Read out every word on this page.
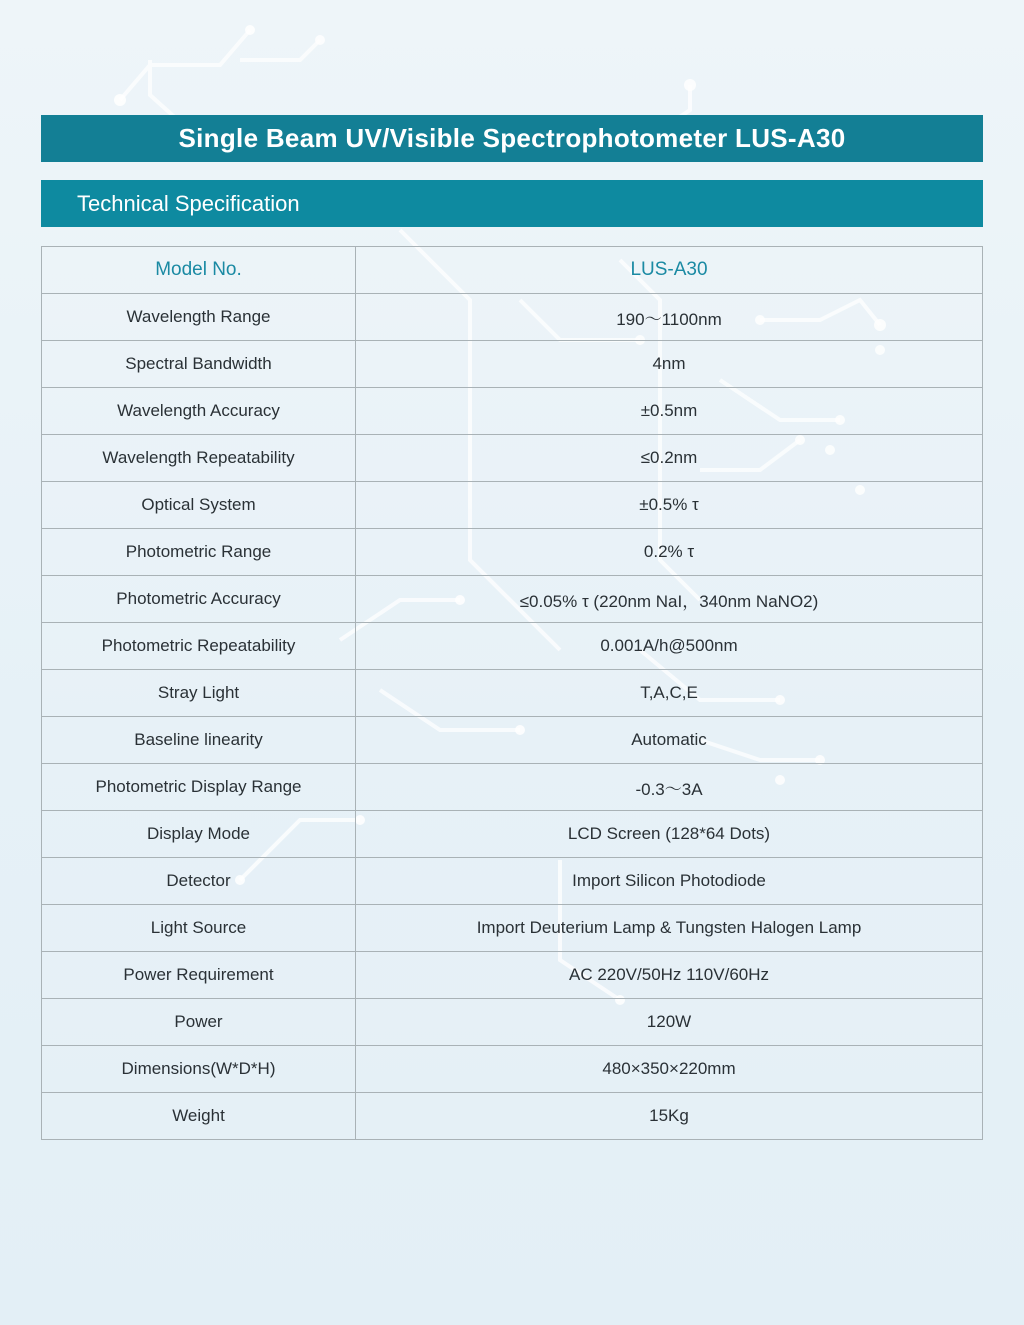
Single Beam UV/Visible Spectrophotometer LUS-A30
Technical Specification
Model No.	LUS-A30
Wavelength Range	190～1100nm
Spectral Bandwidth	4nm
Wavelength Accuracy	±0.5nm
Wavelength Repeatability	≤0.2nm
Optical System	±0.5% τ
Photometric Range	0.2% τ
Photometric Accuracy	≤0.05% τ (220nm NaI，340nm NaNO2)
Photometric Repeatability	0.001A/h@500nm
Stray Light	T,A,C,E
Baseline linearity	Automatic
Photometric Display Range	-0.3～3A
Display Mode	LCD Screen (128*64 Dots)
Detector	Import Silicon Photodiode
Light Source	Import Deuterium Lamp & Tungsten Halogen Lamp
Power Requirement	AC 220V/50Hz 110V/60Hz
Power	120W
Dimensions(W*D*H)	480×350×220mm
Weight	15Kg
